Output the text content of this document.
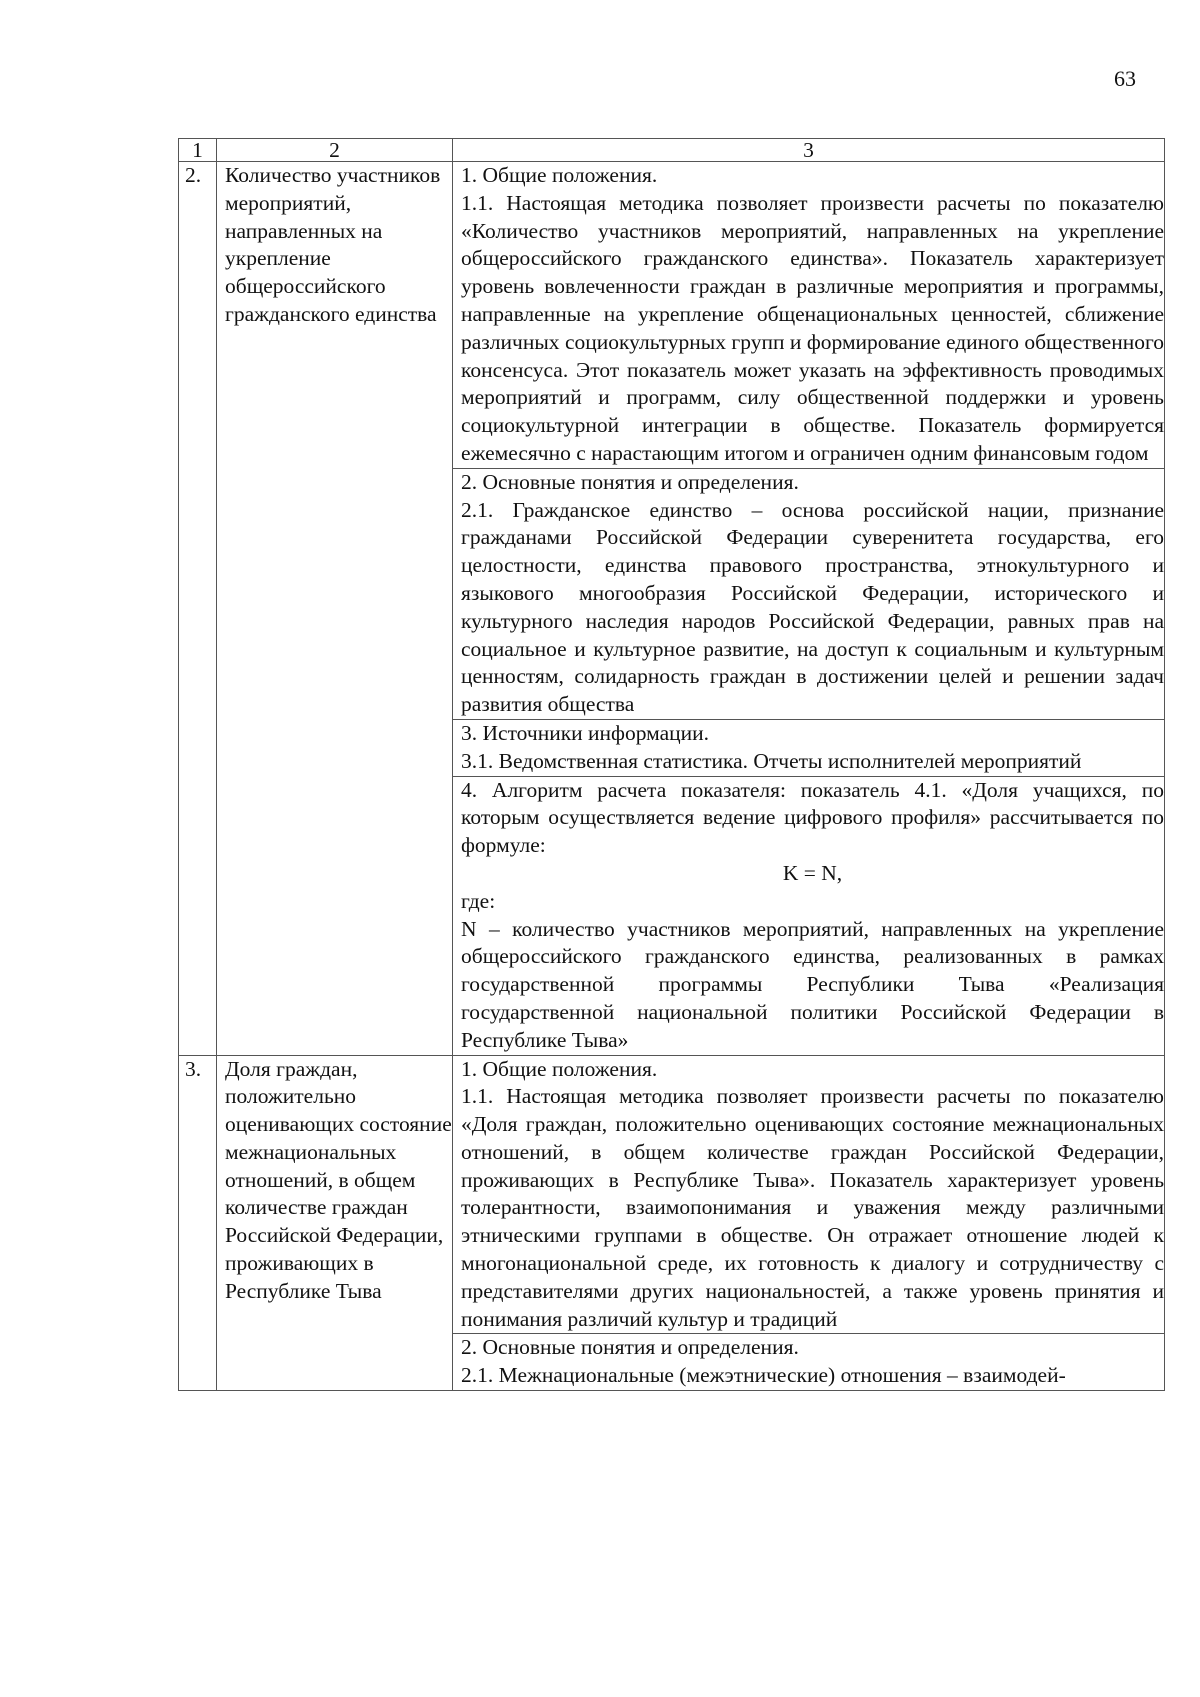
63
1	2	3
2.	Количество участников мероприятий, направленных на укрепление общероссийского гражданского единства	1. Общие положения.

1.1. Настоящая методика позволяет произвести расчеты по показателю «Количество участников мероприятий, направленных на укрепление общероссийского гражданского единства». Показатель характеризует уровень вовлеченности граждан в различные мероприятия и программы, направленные на укрепление общенациональных ценностей, сближение различных социокультурных групп и формирование единого общественного консенсуса. Этот показатель может указать на эффективность проводимых мероприятий и программ, силу общественной поддержки и уровень социокультурной интеграции в обществе. Показатель формируется ежемесячно с нарастающим итогом и ограничен одним финансовым годом

		2. Основные понятия и определения.

2.1. Гражданское единство – основа российской нации, признание гражданами Российской Федерации суверенитета государства, его целостности, единства правового пространства, этнокультурного и языкового многообразия Российской Федерации, исторического и культурного наследия народов Российской Федерации, равных прав на социальное и культурное развитие, на доступ к социальным и культурным ценностям, солидарность граждан в достижении целей и решении задач развития общества

		3. Источники информации.

3.1. Ведомственная статистика. Отчеты исполнителей мероприятий

		4. Алгоритм расчета показателя: показатель 4.1. «Доля учащихся, по которым осуществляется ведение цифрового профиля» рассчитывается по формуле:

K = N,

где:

N – количество участников мероприятий, направленных на укрепление общероссийского гражданского единства, реализованных в рамках государственной программы Республики Тыва «Реализация государственной национальной политики Российской Федерации в Республике Тыва»

3.	Доля граждан, положительно оценивающих состояние межнациональных отношений, в общем количестве граждан Российской Федерации, проживающих в Республике Тыва	1. Общие положения.

1.1. Настоящая методика позволяет произвести расчеты по показателю «Доля граждан, положительно оценивающих состояние межнациональных отношений, в общем количестве граждан Российской Федерации, проживающих в Республике Тыва». Показатель характеризует уровень толерантности, взаимопонимания и уважения между различными этническими группами в обществе. Он отражает отношение людей к многонациональной среде, их готовность к диалогу и сотрудничеству с представителями других национальностей, а также уровень принятия и понимания различий культур и традиций

		2. Основные понятия и определения.

2.1. Межнациональные (межэтнические) отношения – взаимодей-
